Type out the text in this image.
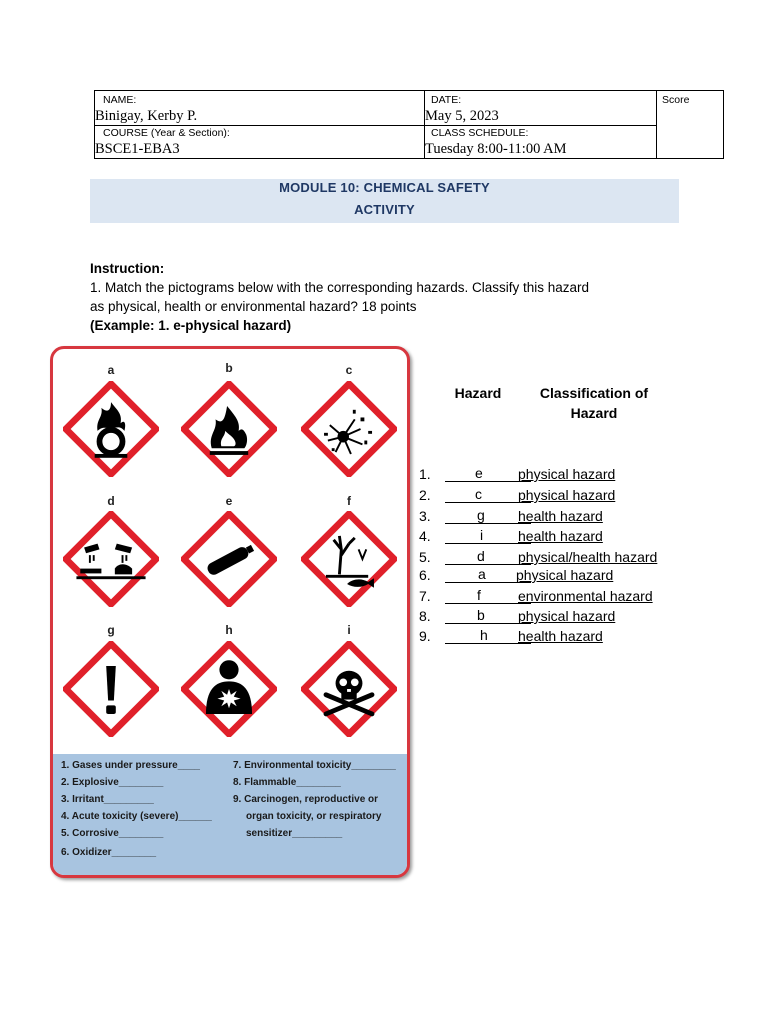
NAME:
Binigay, Kerby P.
DATE:
May 5, 2023
Score
COURSE (Year & Section):
BSCE1-EBA3
CLASS SCHEDULE:
Tuesday 8:00-11:00 AM
MODULE 10: CHEMICAL SAFETY
ACTIVITY
Instruction:
1. Match the pictograms below with the corresponding hazards. Classify this hazard
as physical, health or environmental hazard? 18 points
(Example: 1. e-physical hazard)
a	b	c
d	e	f
g	h	i
1. Gases under pressure____
2. Explosive________
3. Irritant_________
4. Acute toxicity (severe)______
5. Corrosive________
6. Oxidizer________
7. Environmental toxicity________
8. Flammable________
9. Carcinogen, reproductive or
organ toxicity, or respiratory
sensitizer_________
Hazard	Classification of
Hazard
1.	e	physical hazard
2.	c	physical hazard
3.	g health hazard
4.	i health hazard
5.	d physical/health hazard
6.	a physical hazard
7.	f	environmental hazard
8.	b physical hazard
9.	h health hazard
